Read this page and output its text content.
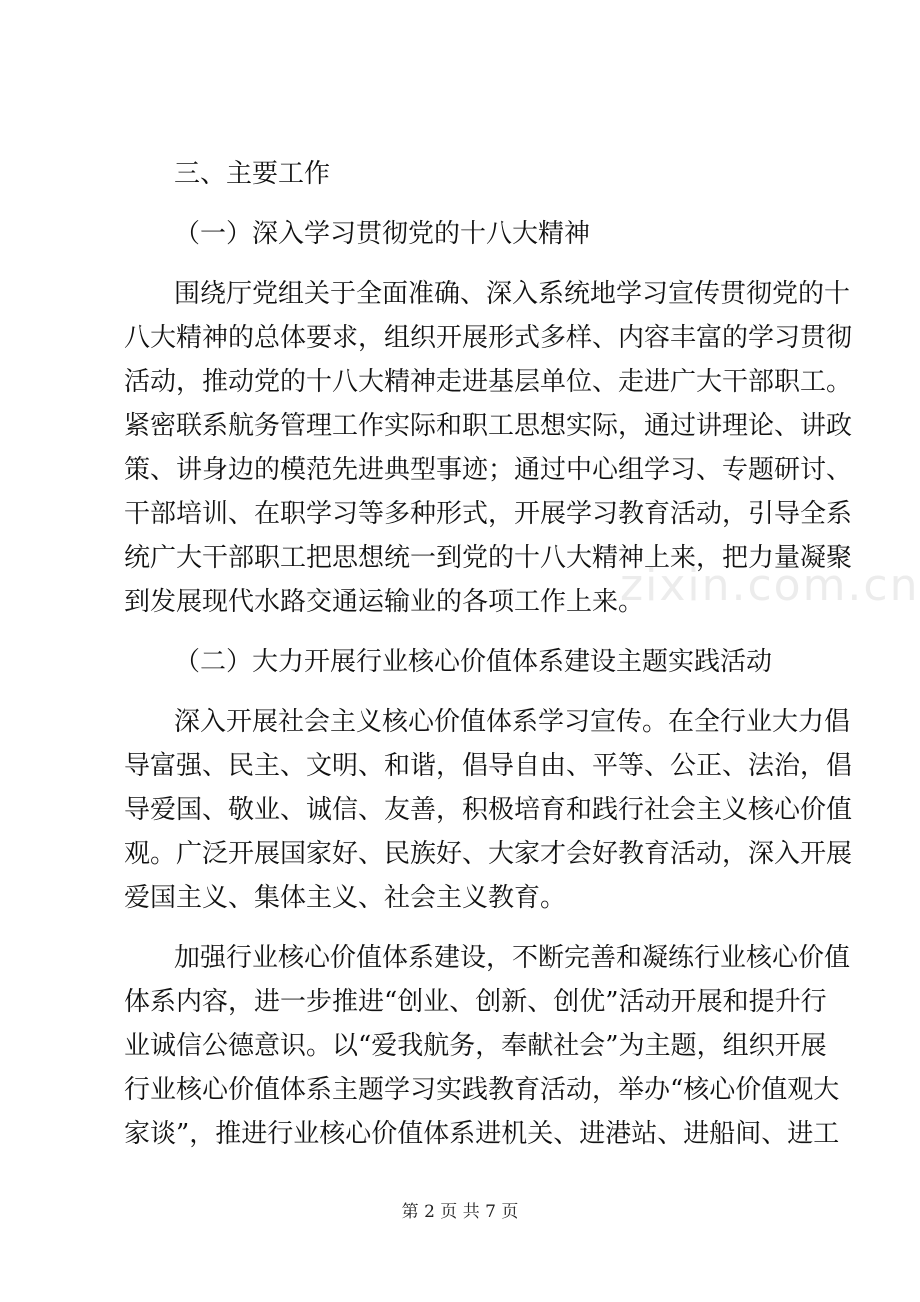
zixin.com.cn
三、主要工作
（一）深入学习贯彻党的十八大精神
围绕厅党组关于全面准确、深入系统地学习宣传贯彻党的十
八大精神的总体要求，组织开展形式多样、内容丰富的学习贯彻
活动，推动党的十八大精神走进基层单位、走进广大干部职工。
紧密联系航务管理工作实际和职工思想实际，通过讲理论、讲政
策、讲身边的模范先进典型事迹；通过中心组学习、专题研讨、
干部培训、在职学习等多种形式，开展学习教育活动，引导全系
统广大干部职工把思想统一到党的十八大精神上来，把力量凝聚
到发展现代水路交通运输业的各项工作上来。
（二）大力开展行业核心价值体系建设主题实践活动
深入开展社会主义核心价值体系学习宣传。在全行业大力倡
导富强、民主、文明、和谐，倡导自由、平等、公正、法治，倡
导爱国、敬业、诚信、友善，积极培育和践行社会主义核心价值
观。广泛开展国家好、民族好、大家才会好教育活动，深入开展
爱国主义、集体主义、社会主义教育。
加强行业核心价值体系建设，不断完善和凝练行业核心价值
体系内容，进一步推进“创业、创新、创优”活动开展和提升行
业诚信公德意识。以“爱我航务，奉献社会”为主题，组织开展
行业核心价值体系主题学习实践教育活动，举办“核心价值观大
家谈”，推进行业核心价值体系进机关、进港站、进船间、进工
第 2 页 共 7 页
